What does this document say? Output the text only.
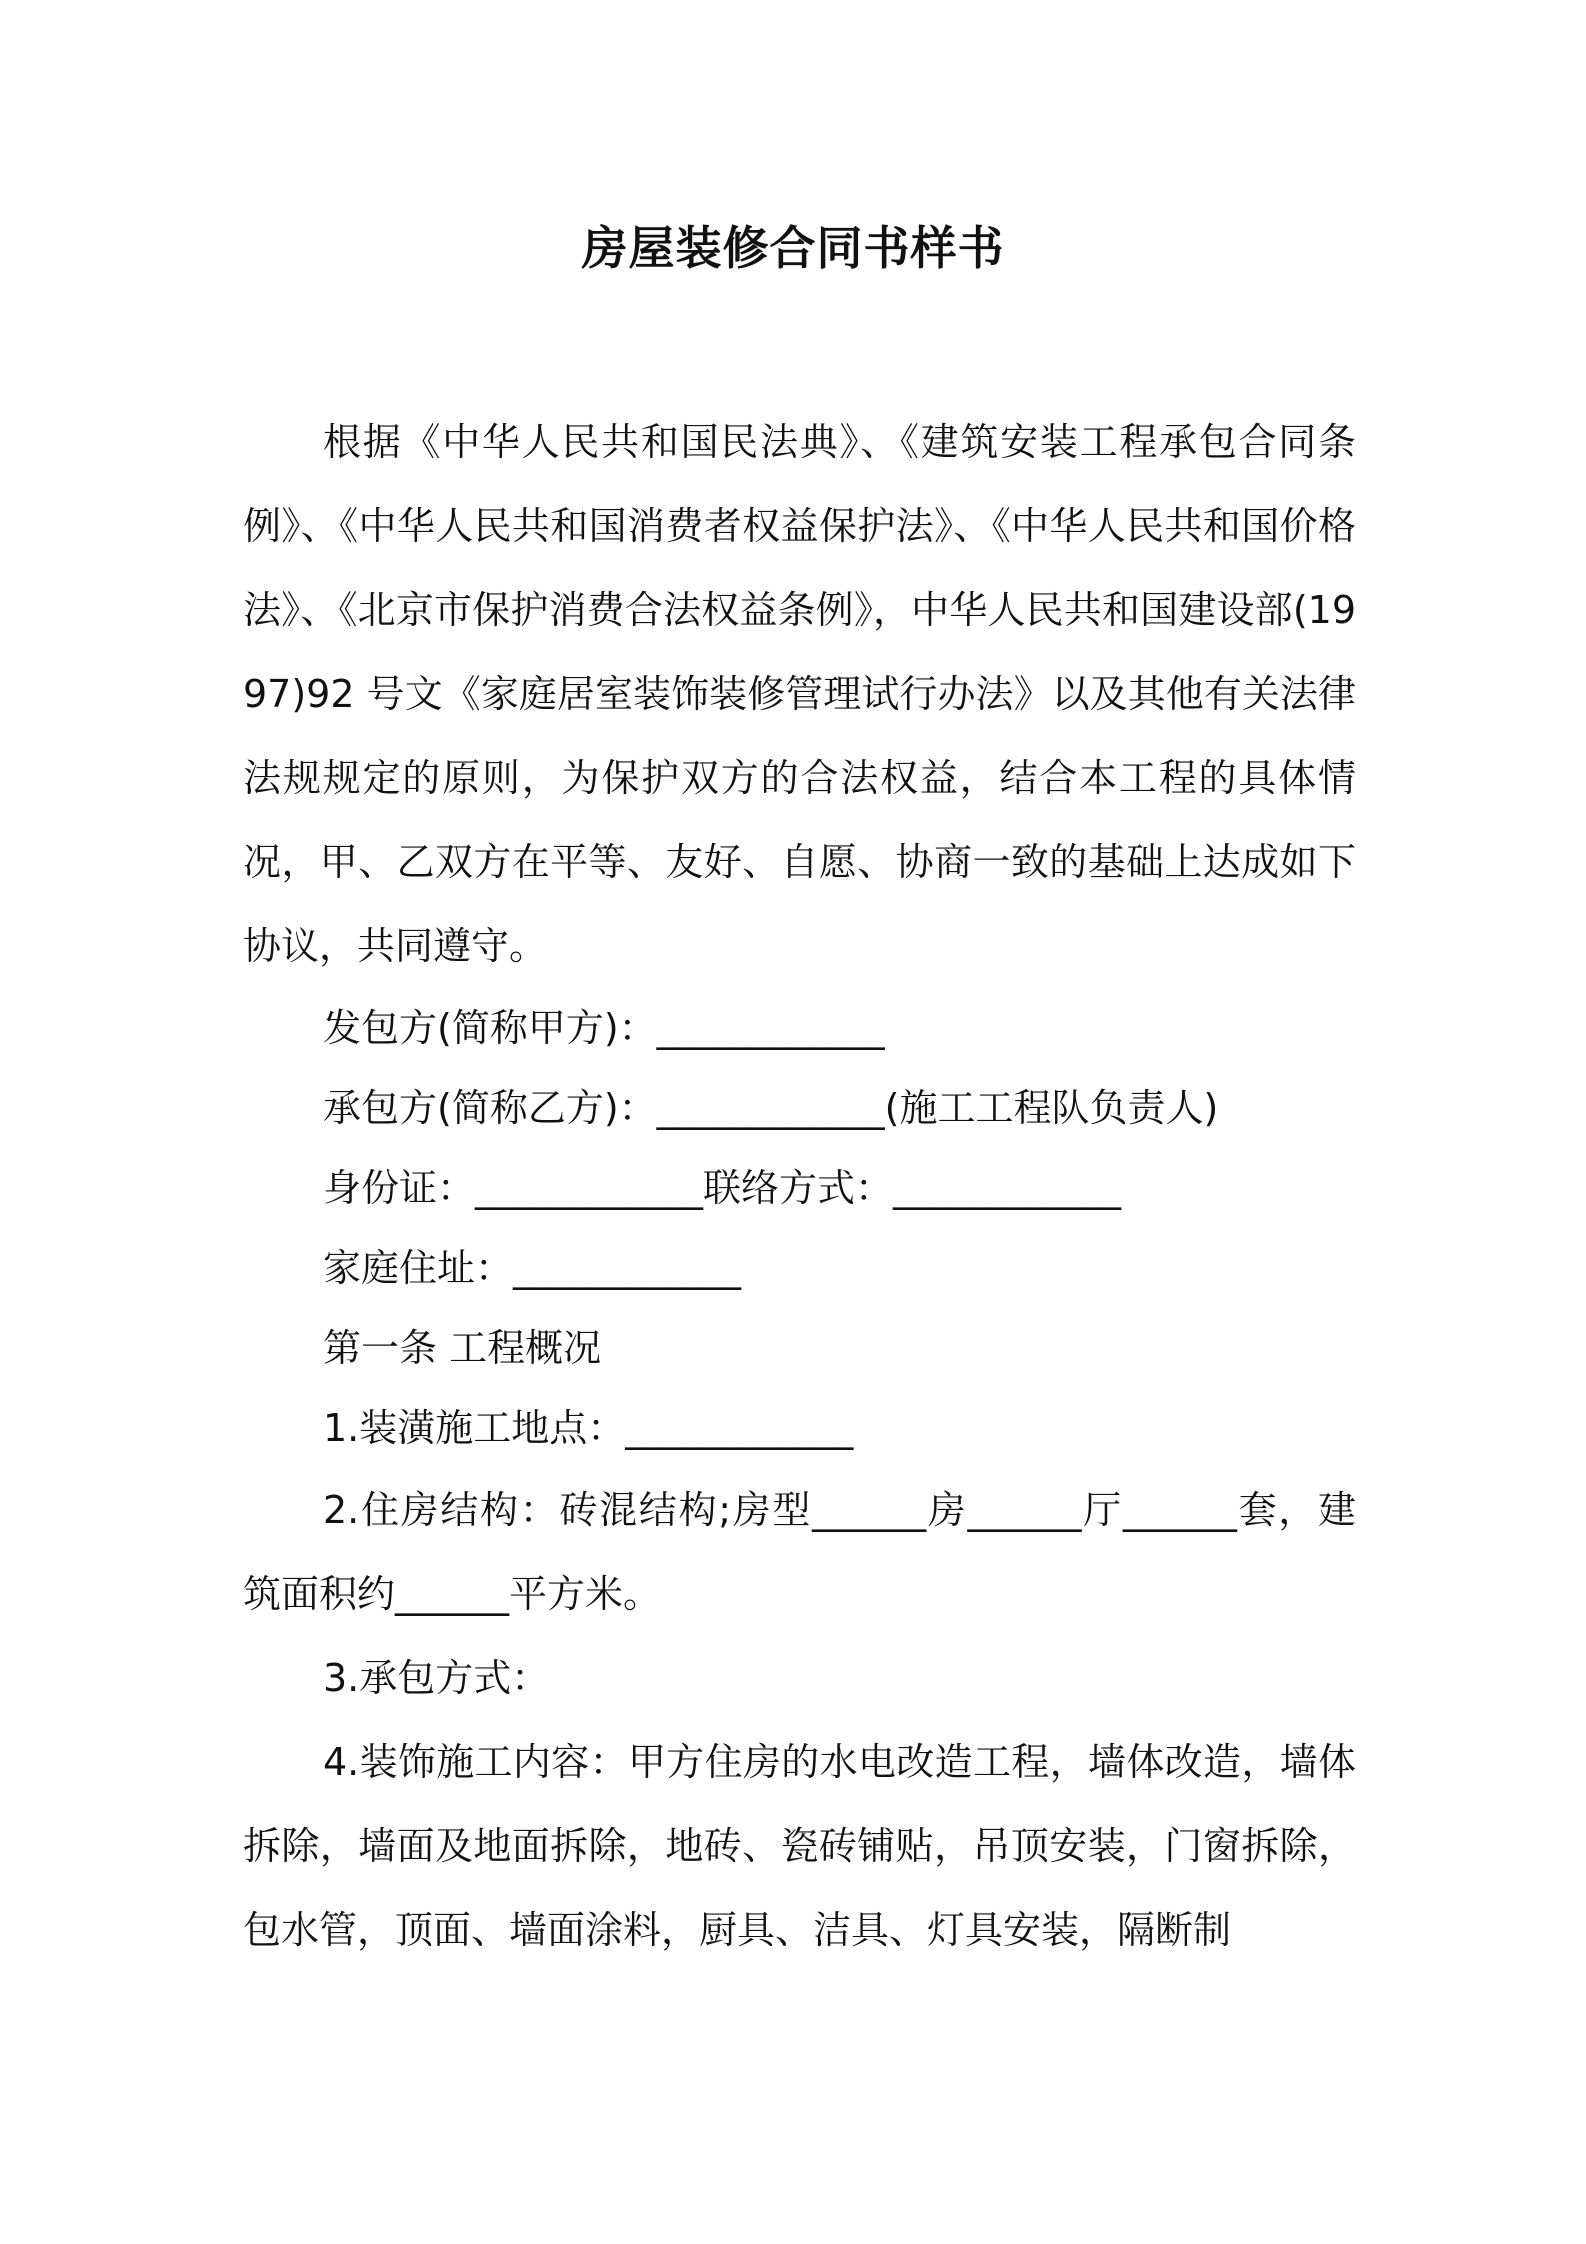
房屋装修合同书样书

根据《中华人民共和国民法典》、《建筑安装工程承包合同条例》、《中华人民共和国消费者权益保护法》、《中华人民共和国价格法》、《北京市保护消费合法权益条例》，中华人民共和国建设部(1997)92 号文《家庭居室装饰装修管理试行办法》以及其他有关法律法规规定的原则，为保护双方的合法权益，结合本工程的具体情况，甲、乙双方在平等、友好、自愿、协商一致的基础上达成如下协议，共同遵守。

发包方(简称甲方)：____________

承包方(简称乙方)：____________(施工工程队负责人)

身份证：____________联络方式：____________

家庭住址：____________

第一条 工程概况

1.装潢施工地点：____________

2.住房结构：砖混结构;房型______房______厅______套，建筑面积约______平方米。

3.承包方式：

4.装饰施工内容：甲方住房的水电改造工程，墙体改造，墙体拆除，墙面及地面拆除，地砖、瓷砖铺贴，吊顶安装，门窗拆除，包水管，顶面、墙面涂料，厨具、洁具、灯具安装，隔断制
